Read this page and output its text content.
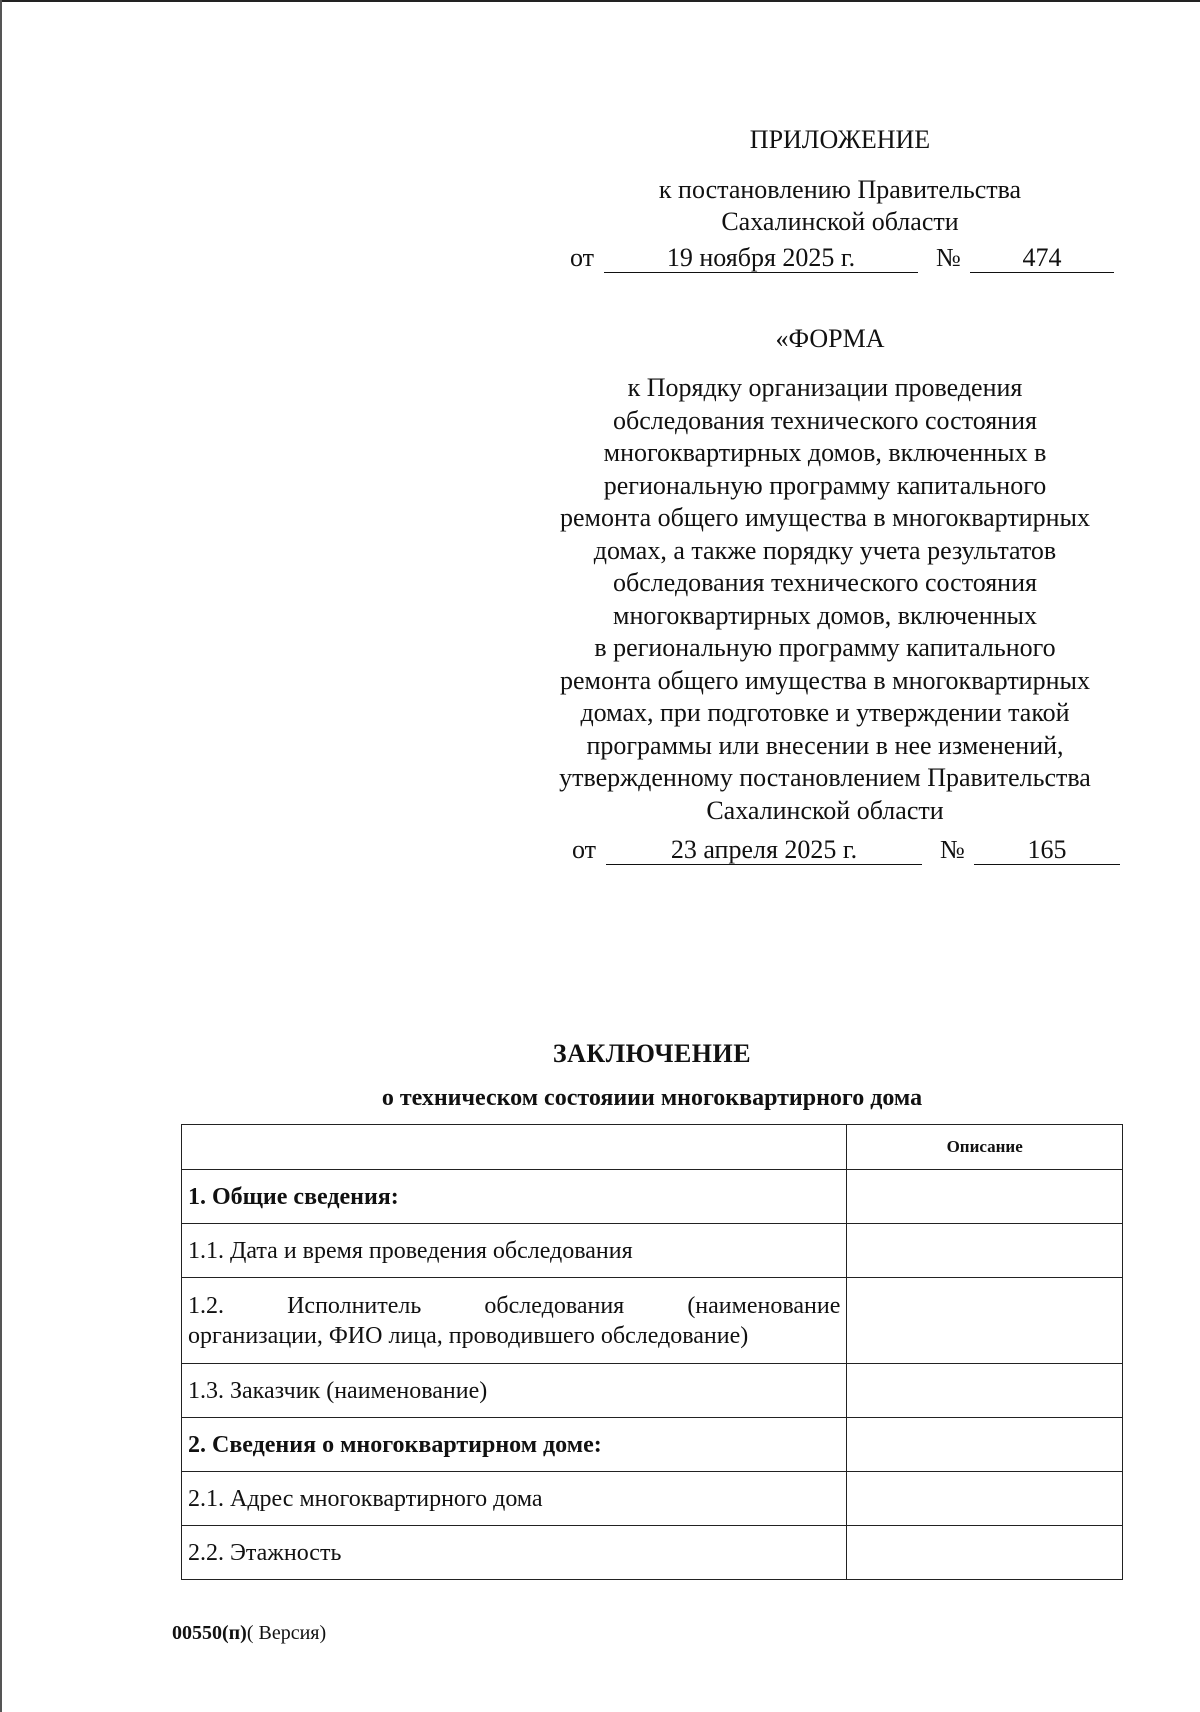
ПРИЛОЖЕНИЕ
к постановлению Правительства
Сахалинской области
от	19 ноября 2025 г.	№	474
«ФОРМА
к Порядку организации проведения
обследования технического состояния
многоквартирных домов, включенных в
региональную программу капитального
ремонта общего имущества в многоквартирных
домах, а также порядку учета результатов
обследования технического состояния
многоквартирных домов, включенных
в региональную программу капитального
ремонта общего имущества в многоквартирных
домах, при подготовке и утверждении такой
программы или внесении в нее изменений,
утвержденному постановлением Правительства
Сахалинской области
от	23 апреля 2025 г.	№	165
ЗАКЛЮЧЕНИЕ
о техническом состояиии многоквартирного дома
	Описание
1. Общие сведения:	
1.1. Дата и время проведения обследования	

1.2. Исполнитель обследования (наименование
организации, ФИО лица, проводившего обследование)	

1.3. Заказчик (наименование)	
2. Сведения о многоквартирном доме:	
2.1. Адрес многоквартирного дома	
2.2. Этажность	
00550(п)( Версия)
